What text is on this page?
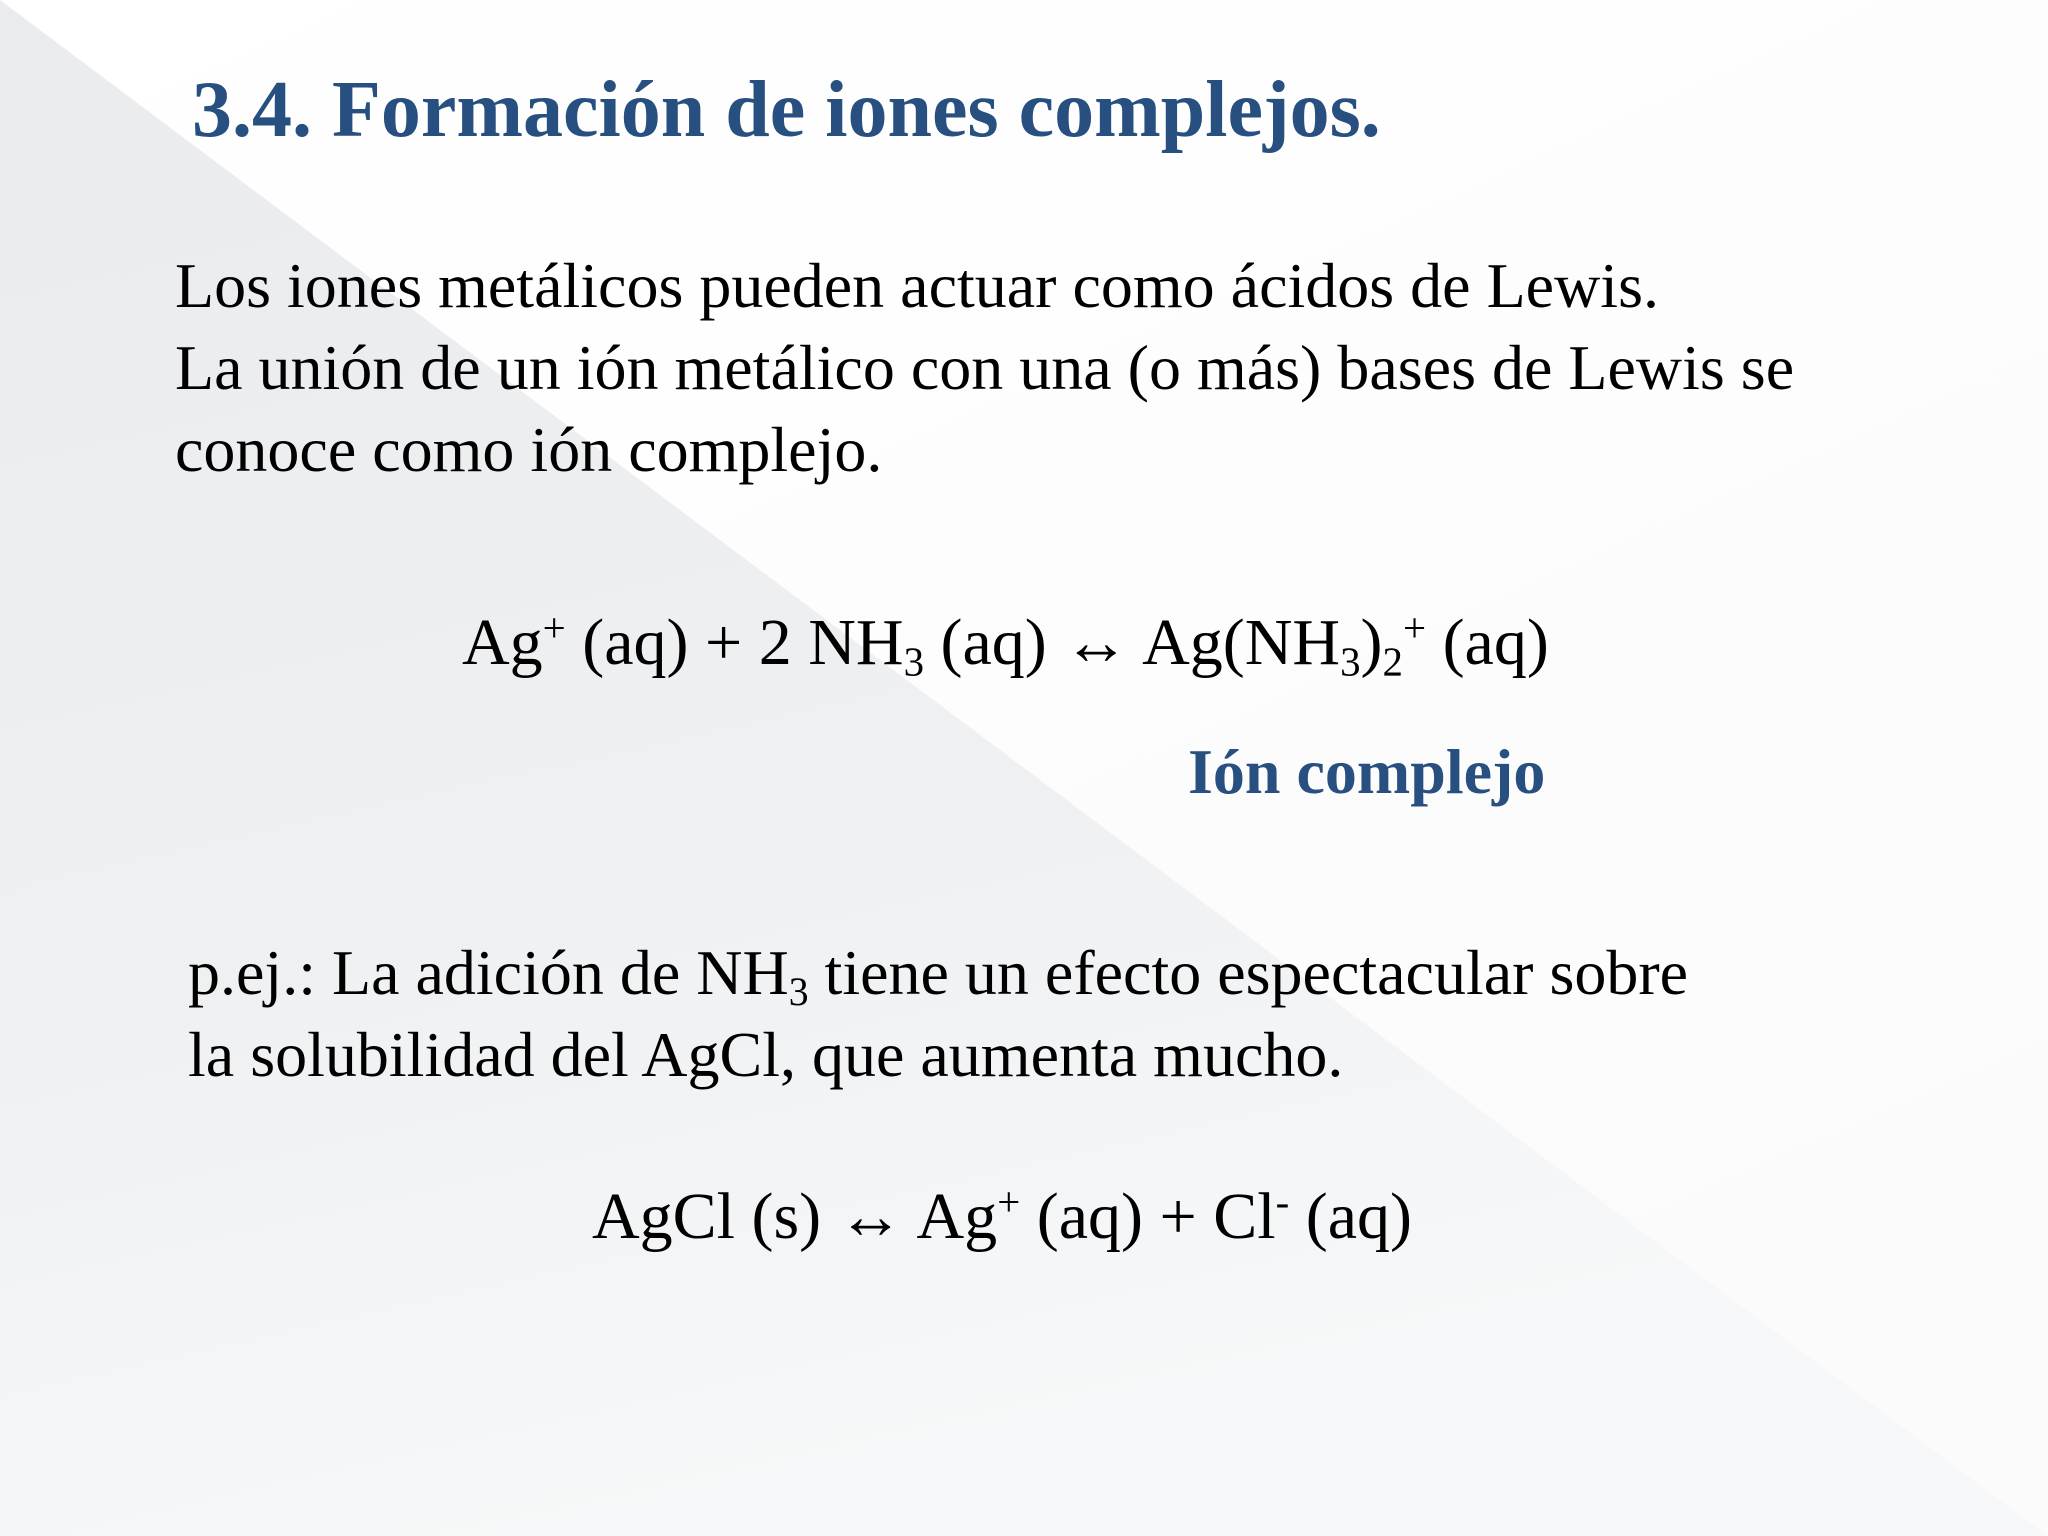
3.4. Formación de iones complejos.
Los iones metálicos pueden actuar como ácidos de Lewis.
La unión de un ión metálico con una (o más) bases de Lewis se
conoce como ión complejo.
Ag+ (aq) + 2 $NH_3$ (aq) ↔ $Ag(NH_3)_2^+$ (aq)
Ión complejo
p.ej.: La adición de $NH_3$ tiene un efecto espectacular sobre
la solubilidad del AgCl, que aumenta mucho.
AgCl (s) ↔ Ag+ (aq) + Cl- (aq)
